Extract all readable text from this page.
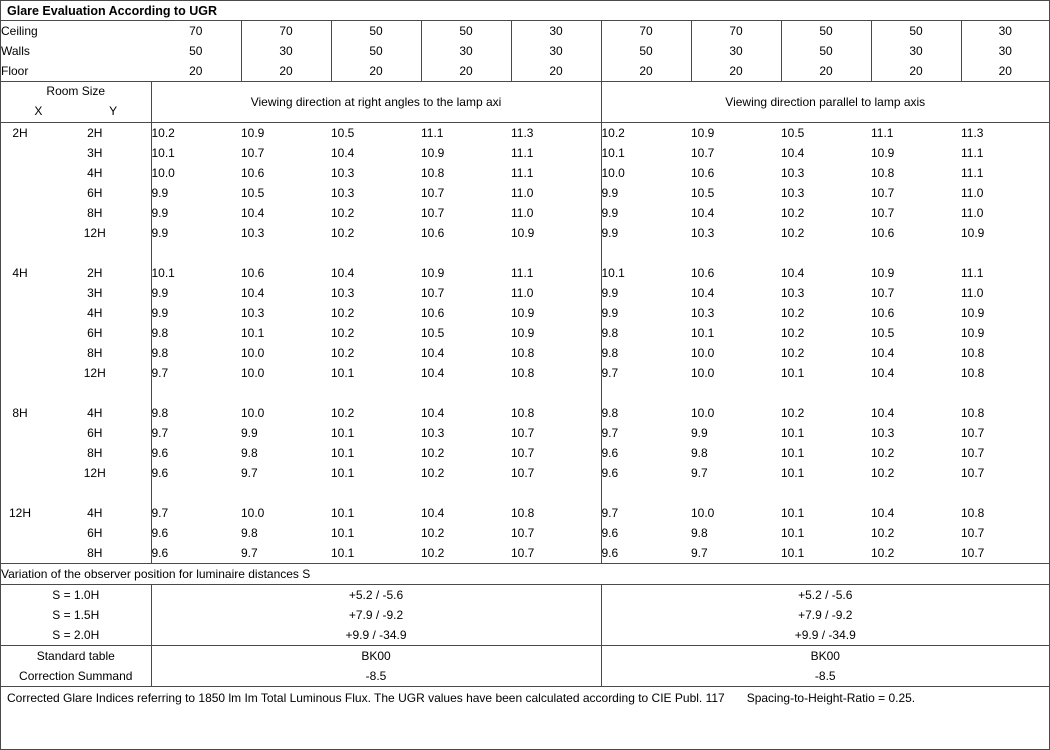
Glare Evaluation According to UGR
Ceiling		70	70	50	50	30	70	70	50	50	30
Walls		50	30	50	30	30	50	30	50	30	30
Floor		20	20	20	20	20	20	20	20	20	20

Room Size
X Y		Viewing direction at right angles to the lamp axi					Viewing direction parallel to lamp axis				
2H	2H	10.2	10.9	10.5	11.1	11.3	10.2	10.9	10.5	11.1	11.3
	3H	10.1	10.7	10.4	10.9	11.1	10.1	10.7	10.4	10.9	11.1
	4H	10.0	10.6	10.3	10.8	11.1	10.0	10.6	10.3	10.8	11.1
	6H	9.9	10.5	10.3	10.7	11.0	9.9	10.5	10.3	10.7	11.0
	8H	9.9	10.4	10.2	10.7	11.0	9.9	10.4	10.2	10.7	11.0
	12H	9.9	10.3	10.2	10.6	10.9	9.9	10.3	10.2	10.6	10.9

4H	2H	10.1	10.6	10.4	10.9	11.1	10.1	10.6	10.4	10.9	11.1
	3H	9.9	10.4	10.3	10.7	11.0	9.9	10.4	10.3	10.7	11.0
	4H	9.9	10.3	10.2	10.6	10.9	9.9	10.3	10.2	10.6	10.9
	6H	9.8	10.1	10.2	10.5	10.9	9.8	10.1	10.2	10.5	10.9
	8H	9.8	10.0	10.2	10.4	10.8	9.8	10.0	10.2	10.4	10.8
	12H	9.7	10.0	10.1	10.4	10.8	9.7	10.0	10.1	10.4	10.8

8H	4H	9.8	10.0	10.2	10.4	10.8	9.8	10.0	10.2	10.4	10.8
	6H	9.7	9.9	10.1	10.3	10.7	9.7	9.9	10.1	10.3	10.7
	8H	9.6	9.8	10.1	10.2	10.7	9.6	9.8	10.1	10.2	10.7
	12H	9.6	9.7	10.1	10.2	10.7	9.6	9.7	10.1	10.2	10.7

12H	4H	9.7	10.0	10.1	10.4	10.8	9.7	10.0	10.1	10.4	10.8
	6H	9.6	9.8	10.1	10.2	10.7	9.6	9.8	10.1	10.2	10.7
	8H	9.6	9.7	10.1	10.2	10.7	9.6	9.7	10.1	10.2	10.7
Variation of the observer position for luminaire distances S											
S = 1.0H		+5.2 / -5.6					+5.2 / -5.6				
S = 1.5H		+7.9 / -9.2					+7.9 / -9.2				
S = 2.0H		+9.9 / -34.9					+9.9 / -34.9				
Standard table		BK00					BK00				
Correction Summand		-8.5					-8.5				
Corrected Glare Indices referring to 1850 lm Im Total Luminous Flux. The UGR values have been calculated according to CIE Publ. 117 Spacing-to-Height-Ratio = 0.25.
